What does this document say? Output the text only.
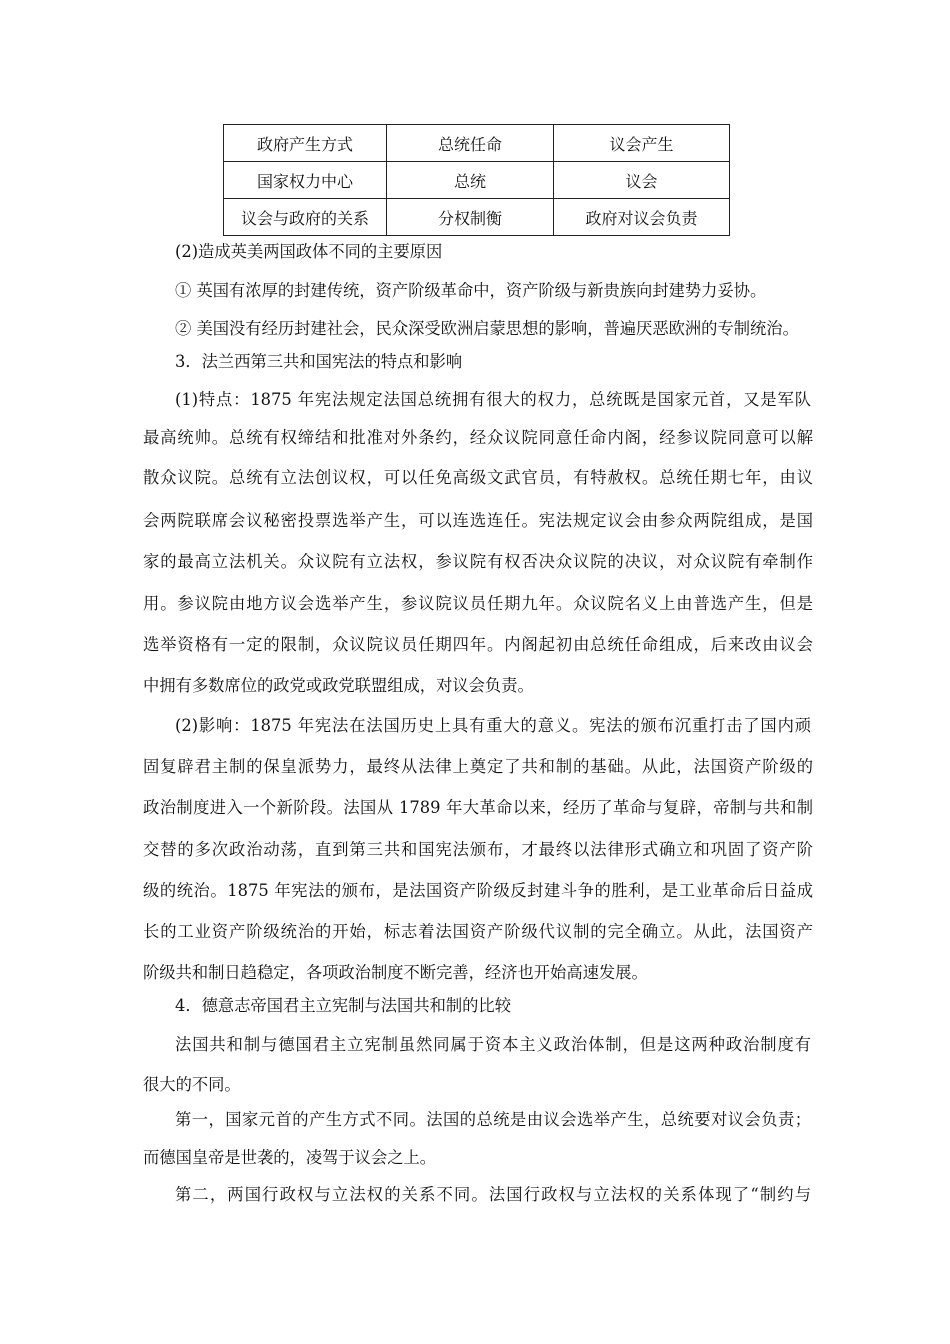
政府产生方式	总统任命	议会产生
国家权力中心	总统	议会
议会与政府的关系	分权制衡	政府对议会负责
(2)造成英美两国政体不同的主要原因
① 英国有浓厚的封建传统，资产阶级革命中，资产阶级与新贵族向封建势力妥协。
② 美国没有经历封建社会，民众深受欧洲启蒙思想的影响，普遍厌恶欧洲的专制统治。
3．法兰西第三共和国宪法的特点和影响
(1)特点：1875 年宪法规定法国总统拥有很大的权力，总统既是国家元首，又是军队
最高统帅。总统有权缔结和批准对外条约，经众议院同意任命内阁，经参议院同意可以解
散众议院。总统有立法创议权，可以任免高级文武官员，有特赦权。总统任期七年，由议
会两院联席会议秘密投票选举产生，可以连选连任。宪法规定议会由参众两院组成，是国
家的最高立法机关。众议院有立法权，参议院有权否决众议院的决议，对众议院有牵制作
用。参议院由地方议会选举产生，参议院议员任期九年。众议院名义上由普选产生，但是
选举资格有一定的限制，众议院议员任期四年。内阁起初由总统任命组成，后来改由议会
中拥有多数席位的政党或政党联盟组成，对议会负责。
(2)影响：1875 年宪法在法国历史上具有重大的意义。宪法的颁布沉重打击了国内顽
固复辟君主制的保皇派势力，最终从法律上奠定了共和制的基础。从此，法国资产阶级的
政治制度进入一个新阶段。法国从 1789 年大革命以来，经历了革命与复辟，帝制与共和制
交替的多次政治动荡，直到第三共和国宪法颁布，才最终以法律形式确立和巩固了资产阶
级的统治。1875 年宪法的颁布，是法国资产阶级反封建斗争的胜利，是工业革命后日益成
长的工业资产阶级统治的开始，标志着法国资产阶级代议制的完全确立。从此，法国资产
阶级共和制日趋稳定，各项政治制度不断完善，经济也开始高速发展。
4．德意志帝国君主立宪制与法国共和制的比较
法国共和制与德国君主立宪制虽然同属于资本主义政治体制，但是这两种政治制度有
很大的不同。
第一，国家元首的产生方式不同。法国的总统是由议会选举产生，总统要对议会负责；
而德国皇帝是世袭的，凌驾于议会之上。
第二，两国行政权与立法权的关系不同。法国行政权与立法权的关系体现了“制约与
